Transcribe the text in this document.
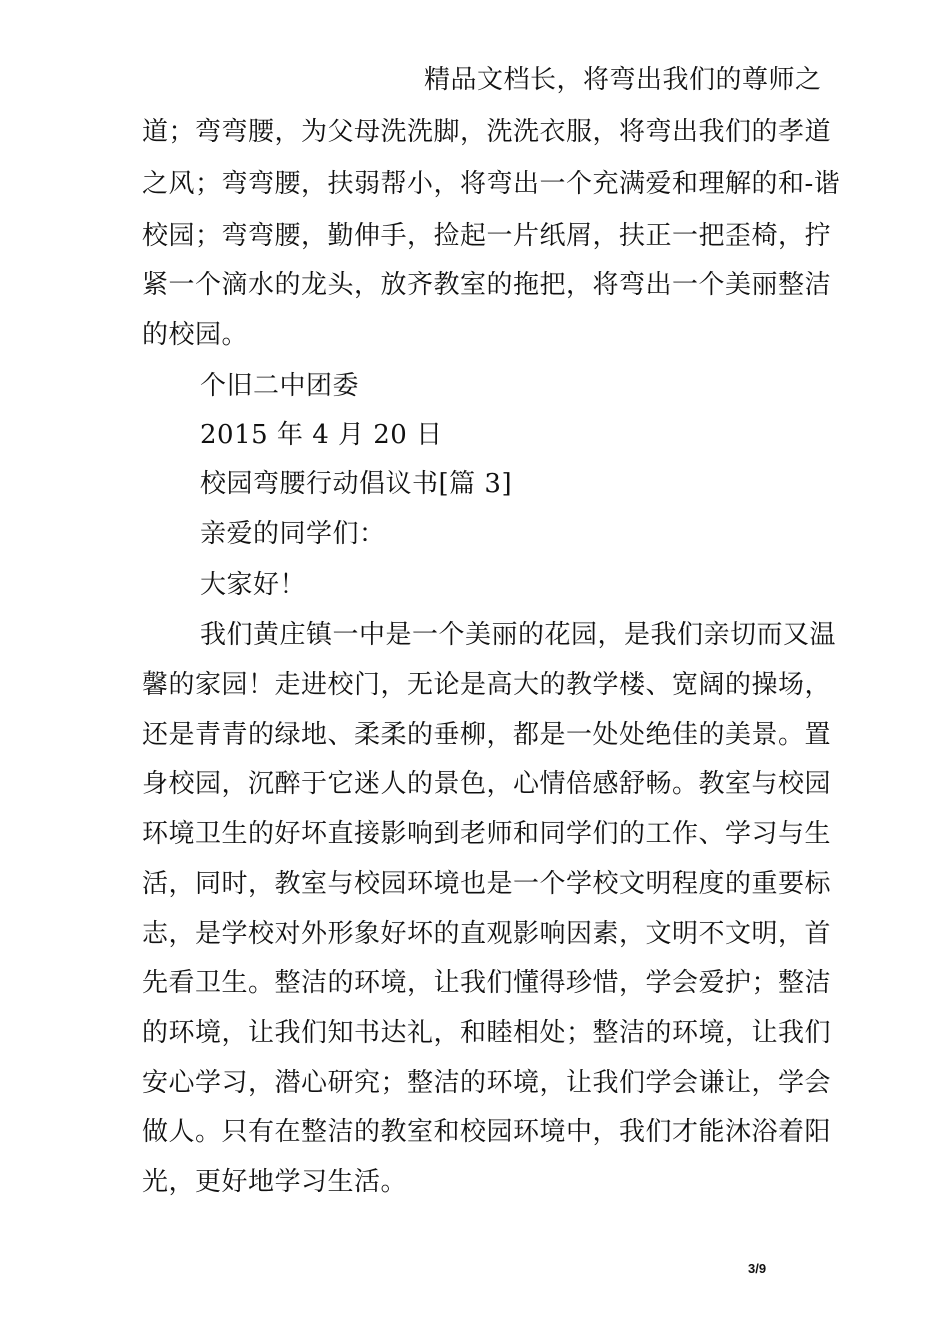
精品文档长，将弯出我们的尊师之
道；弯弯腰，为父母洗洗脚，洗洗衣服，将弯出我们的孝道
之风；弯弯腰，扶弱帮小，将弯出一个充满爱和理解的和-谐
校园；弯弯腰，勤伸手，捡起一片纸屑，扶正一把歪椅，拧
紧一个滴水的龙头，放齐教室的拖把，将弯出一个美丽整洁
的校园。
个旧二中团委
2015 年 4 月 20 日
校园弯腰行动倡议书[篇 3]
亲爱的同学们：
大家好！
我们黄庄镇一中是一个美丽的花园，是我们亲切而又温
馨的家园！走进校门，无论是高大的教学楼、宽阔的操场，
还是青青的绿地、柔柔的垂柳，都是一处处绝佳的美景。置
身校园，沉醉于它迷人的景色，心情倍感舒畅。教室与校园
环境卫生的好坏直接影响到老师和同学们的工作、学习与生
活，同时，教室与校园环境也是一个学校文明程度的重要标
志，是学校对外形象好坏的直观影响因素，文明不文明，首
先看卫生。整洁的环境，让我们懂得珍惜，学会爱护；整洁
的环境，让我们知书达礼，和睦相处；整洁的环境，让我们
安心学习，潜心研究；整洁的环境，让我们学会谦让，学会
做人。只有在整洁的教室和校园环境中，我们才能沐浴着阳
光，更好地学习生活。
3/9
